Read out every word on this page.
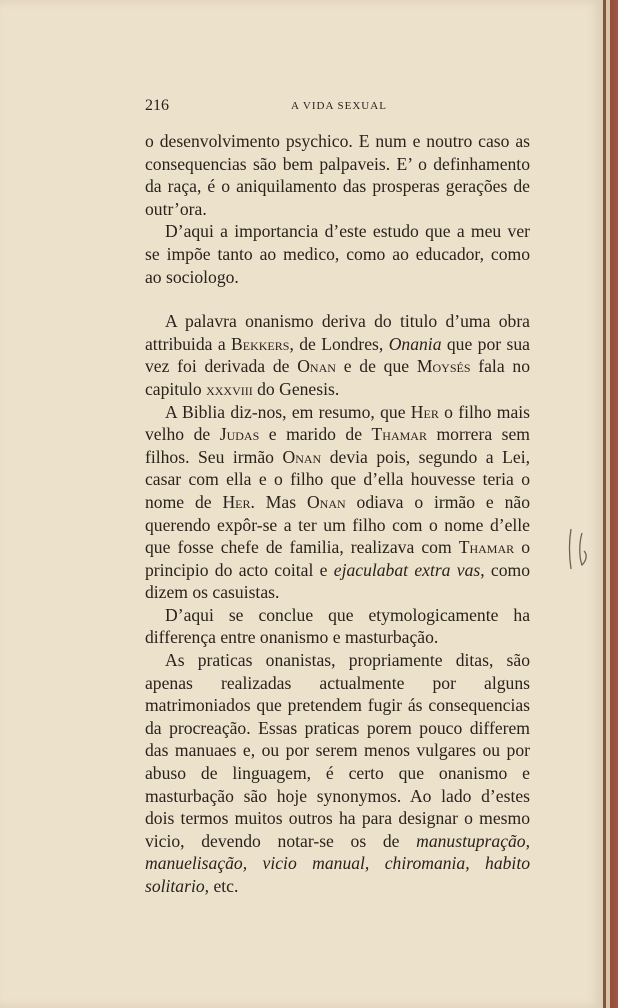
216	A VIDA SEXUAL

o desenvolvimento psychico. E num e noutro caso as consequencias são bem palpaveis. E’ o definhamento da raça, é o aniquilamento das prosperas gerações de outr’ora.

D’aqui a importancia d’este estudo que a meu ver se impõe tanto ao medico, como ao educador, como ao sociologo.

A palavra onanismo deriva do titulo d’uma obra attribuida a Bekkers, de Londres, Onania que por sua vez foi derivada de Onan e de que Moysés fala no capitulo xxxviii do Genesis.

A Biblia diz-nos, em resumo, que Her o filho mais velho de Judas e marido de Thamar morrera sem filhos. Seu irmão Onan devia pois, segundo a Lei, casar com ella e o filho que d’ella houvesse teria o nome de Her. Mas Onan odiava o irmão e não querendo expôr-se a ter um filho com o nome d’elle que fosse chefe de familia, realizava com Thamar o principio do acto coital e ejaculabat extra vas, como dizem os casuistas.

D’aqui se conclue que etymologicamente ha differença entre onanismo e masturbação.

As praticas onanistas, propriamente ditas, são apenas realizadas actualmente por alguns matrimoniados que pretendem fugir ás consequencias da procreação. Essas praticas porem pouco differem das manuaes e, ou por serem menos vulgares ou por abuso de linguagem, é certo que onanismo e masturbação são hoje synonymos. Ao lado d’estes dois termos muitos outros ha para designar o mesmo vicio, devendo notar-se os de manustupração, manuelisação, vicio manual, chiromania, habito solitario, etc.
